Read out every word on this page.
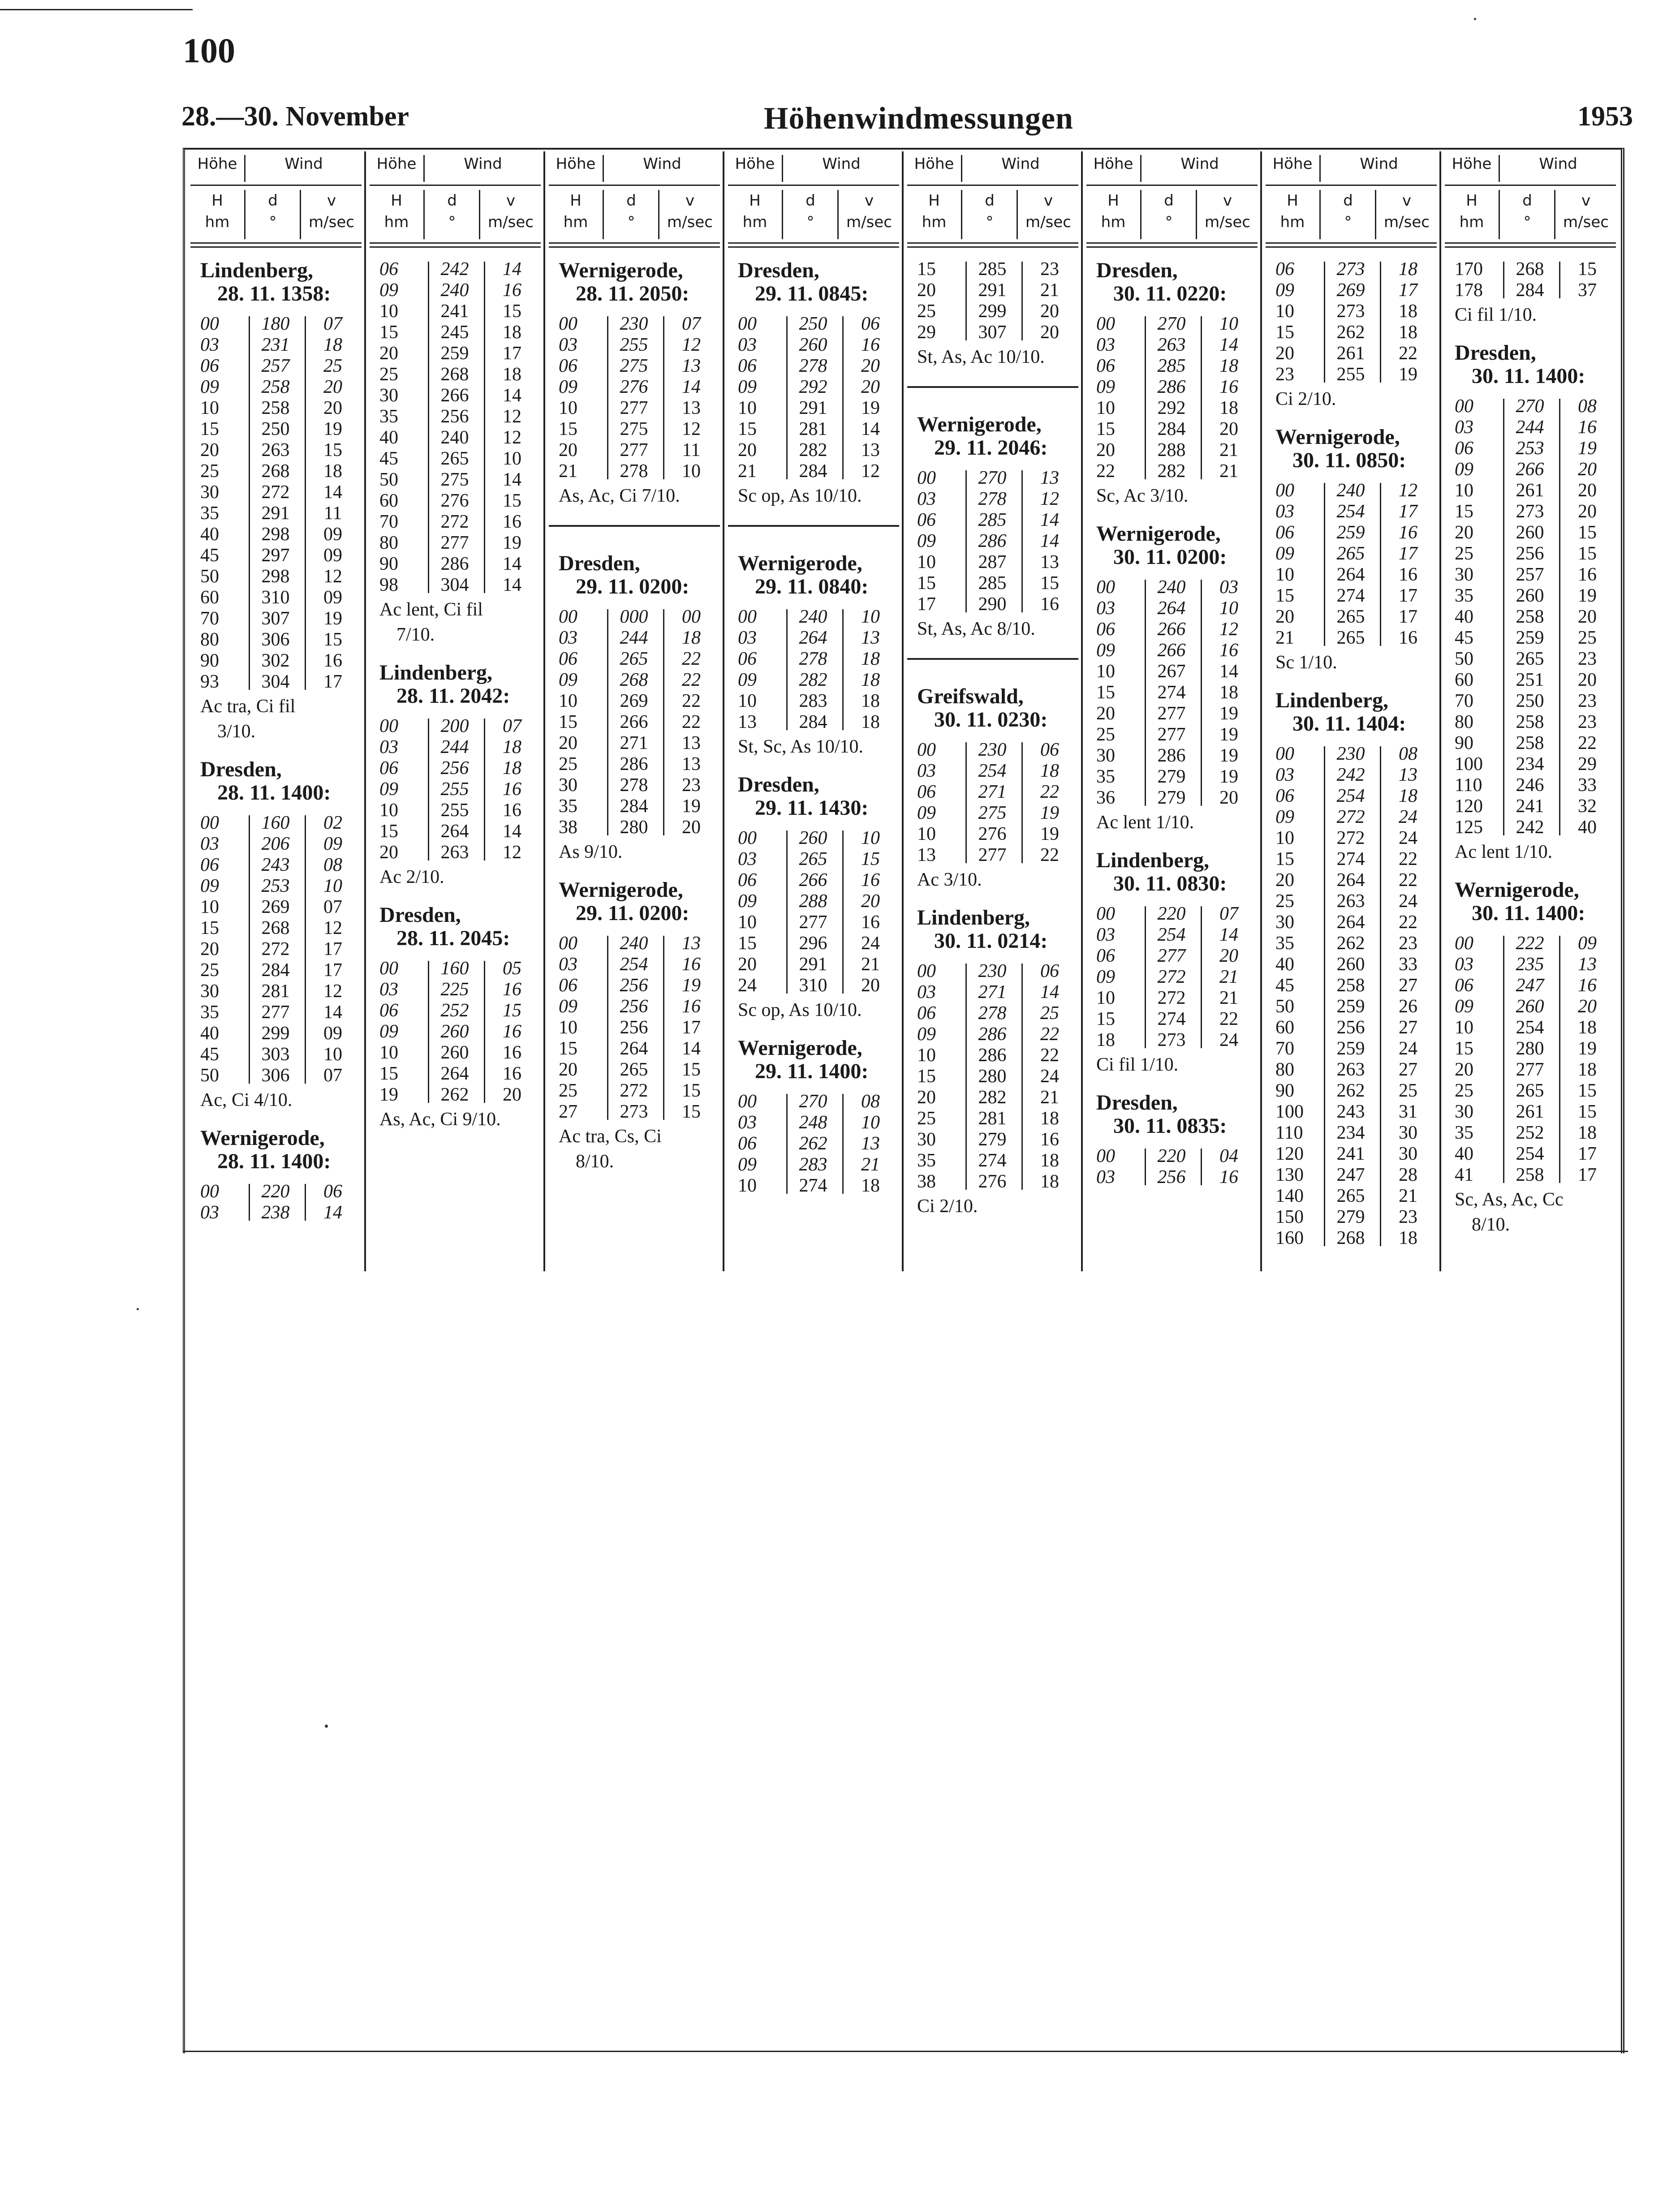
100
28.—30. November	Höhenwindmessungen	1953
Höhe	Wind
H
hm
d
°
v
m/sec
Lindenberg,
28. 11. 1358:
00	180	07
03	231	18
06	257	25
09	258	20
10	258	20
15	250	19
20	263	15
25	268	18
30	272	14
35	291	11
40	298	09
45	297	09
50	298	12
60	310	09
70	307	19
80	306	15
90	302	16
93	304	17
Ac tra, Ci fil
3/10.
Dresden,
28. 11. 1400:
00	160	02
03	206	09
06	243	08
09	253	10
10	269	07
15	268	12
20	272	17
25	284	17
30	281	12
35	277	14
40	299	09
45	303	10
50	306	07
Ac, Ci 4/10.
Wernigerode,
28. 11. 1400:
00	220	06
03	238	14
Höhe	Wind
H
hm
d
°
v
m/sec
06	242	14
09	240	16
10	241	15
15	245	18
20	259	17
25	268	18
30	266	14
35	256	12
40	240	12
45	265	10
50	275	14
60	276	15
70	272	16
80	277	19
90	286	14
98	304	14
Ac lent, Ci fil
7/10.
Lindenberg,
28. 11. 2042:
00	200	07
03	244	18
06	256	18
09	255	16
10	255	16
15	264	14
20	263	12
Ac 2/10.
Dresden,
28. 11. 2045:
00	160	05
03	225	16
06	252	15
09	260	16
10	260	16
15	264	16
19	262	20
As, Ac, Ci 9/10.
Höhe	Wind
H
hm
d
°
v
m/sec
Wernigerode,
28. 11. 2050:
00	230	07
03	255	12
06	275	13
09	276	14
10	277	13
15	275	12
20	277	11
21	278	10
As, Ac, Ci 7/10.
Dresden,
29. 11. 0200:
00	000	00
03	244	18
06	265	22
09	268	22
10	269	22
15	266	22
20	271	13
25	286	13
30	278	23
35	284	19
38	280	20
As 9/10.
Wernigerode,
29. 11. 0200:
00	240	13
03	254	16
06	256	19
09	256	16
10	256	17
15	264	14
20	265	15
25	272	15
27	273	15
Ac tra, Cs, Ci
8/10.
Höhe	Wind
H
hm
d
°
v
m/sec
Dresden,
29. 11. 0845:
00	250	06
03	260	16
06	278	20
09	292	20
10	291	19
15	281	14
20	282	13
21	284	12
Sc op, As 10/10.
Wernigerode,
29. 11. 0840:
00	240	10
03	264	13
06	278	18
09	282	18
10	283	18
13	284	18
St, Sc, As 10/10.
Dresden,
29. 11. 1430:
00	260	10
03	265	15
06	266	16
09	288	20
10	277	16
15	296	24
20	291	21
24	310	20
Sc op, As 10/10.
Wernigerode,
29. 11. 1400:
00	270	08
03	248	10
06	262	13
09	283	21
10	274	18
Höhe	Wind
H
hm
d
°
v
m/sec
15	285	23
20	291	21
25	299	20
29	307	20
St, As, Ac 10/10.
Wernigerode,
29. 11. 2046:
00	270	13
03	278	12
06	285	14
09	286	14
10	287	13
15	285	15
17	290	16
St, As, Ac 8/10.
Greifswald,
30. 11. 0230:
00	230	06
03	254	18
06	271	22
09	275	19
10	276	19
13	277	22
Ac 3/10.
Lindenberg,
30. 11. 0214:
00	230	06
03	271	14
06	278	25
09	286	22
10	286	22
15	280	24
20	282	21
25	281	18
30	279	16
35	274	18
38	276	18
Ci 2/10.
Höhe	Wind
H
hm
d
°
v
m/sec
Dresden,
30. 11. 0220:
00	270	10
03	263	14
06	285	18
09	286	16
10	292	18
15	284	20
20	288	21
22	282	21
Sc, Ac 3/10.
Wernigerode,
30. 11. 0200:
00	240	03
03	264	10
06	266	12
09	266	16
10	267	14
15	274	18
20	277	19
25	277	19
30	286	19
35	279	19
36	279	20
Ac lent 1/10.
Lindenberg,
30. 11. 0830:
00	220	07
03	254	14
06	277	20
09	272	21
10	272	21
15	274	22
18	273	24
Ci fil 1/10.
Dresden,
30. 11. 0835:
00	220	04
03	256	16
Höhe	Wind
H
hm
d
°
v
m/sec
06	273	18
09	269	17
10	273	18
15	262	18
20	261	22
23	255	19
Ci 2/10.
Wernigerode,
30. 11. 0850:
00	240	12
03	254	17
06	259	16
09	265	17
10	264	16
15	274	17
20	265	17
21	265	16
Sc 1/10.
Lindenberg,
30. 11. 1404:
00	230	08
03	242	13
06	254	18
09	272	24
10	272	24
15	274	22
20	264	22
25	263	24
30	264	22
35	262	23
40	260	33
45	258	27
50	259	26
60	256	27
70	259	24
80	263	27
90	262	25
100	243	31
110	234	30
120	241	30
130	247	28
140	265	21
150	279	23
160	268	18
Höhe	Wind
H
hm
d
°
v
m/sec
170	268	15
178	284	37
Ci fil 1/10.
Dresden,
30. 11. 1400:
00	270	08
03	244	16
06	253	19
09	266	20
10	261	20
15	273	20
20	260	15
25	256	15
30	257	16
35	260	19
40	258	20
45	259	25
50	265	23
60	251	20
70	250	23
80	258	23
90	258	22
100	234	29
110	246	33
120	241	32
125	242	40
Ac lent 1/10.
Wernigerode,
30. 11. 1400:
00	222	09
03	235	13
06	247	16
09	260	20
10	254	18
15	280	19
20	277	18
25	265	15
30	261	15
35	252	18
40	254	17
41	258	17
Sc, As, Ac, Cc
8/10.
